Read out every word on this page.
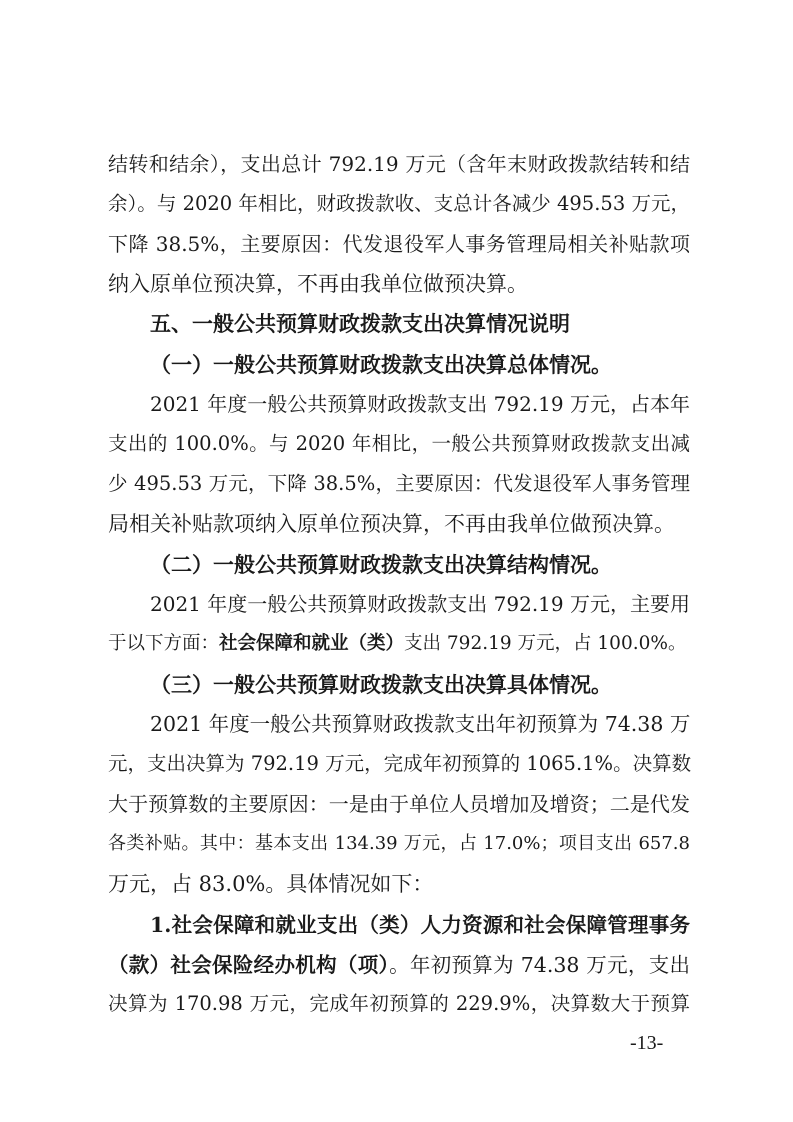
结转和结余），支出总计 792.19 万元（含年末财政拨款结转和结

余）。与 2020 年相比，财政拨款收、支总计各减少 495.53 万元，

下降 38.5%，主要原因：代发退役军人事务管理局相关补贴款项

纳入原单位预决算，不再由我单位做预决算。

五、一般公共预算财政拨款支出决算情况说明

（一）一般公共预算财政拨款支出决算总体情况。

2021 年度一般公共预算财政拨款支出 792.19 万元，占本年

支出的 100.0%。与 2020 年相比，一般公共预算财政拨款支出减

少 495.53 万元，下降 38.5%，主要原因：代发退役军人事务管理

局相关补贴款项纳入原单位预决算，不再由我单位做预决算。

（二）一般公共预算财政拨款支出决算结构情况。

2021 年度一般公共预算财政拨款支出 792.19 万元，主要用

于以下方面：社会保障和就业（类）支出 792.19 万元，占 100.0%。

（三）一般公共预算财政拨款支出决算具体情况。

2021 年度一般公共预算财政拨款支出年初预算为 74.38 万

元，支出决算为 792.19 万元，完成年初预算的 1065.1%。决算数

大于预算数的主要原因：一是由于单位人员增加及增资；二是代发

各类补贴。其中：基本支出 134.39 万元，占 17.0%；项目支出 657.8

万元，占 83.0%。具体情况如下：

1.社会保障和就业支出（类）人力资源和社会保障管理事务

（款）社会保险经办机构（项）。年初预算为 74.38 万元，支出

决算为 170.98 万元，完成年初预算的 229.9%，决算数大于预算

-13-
